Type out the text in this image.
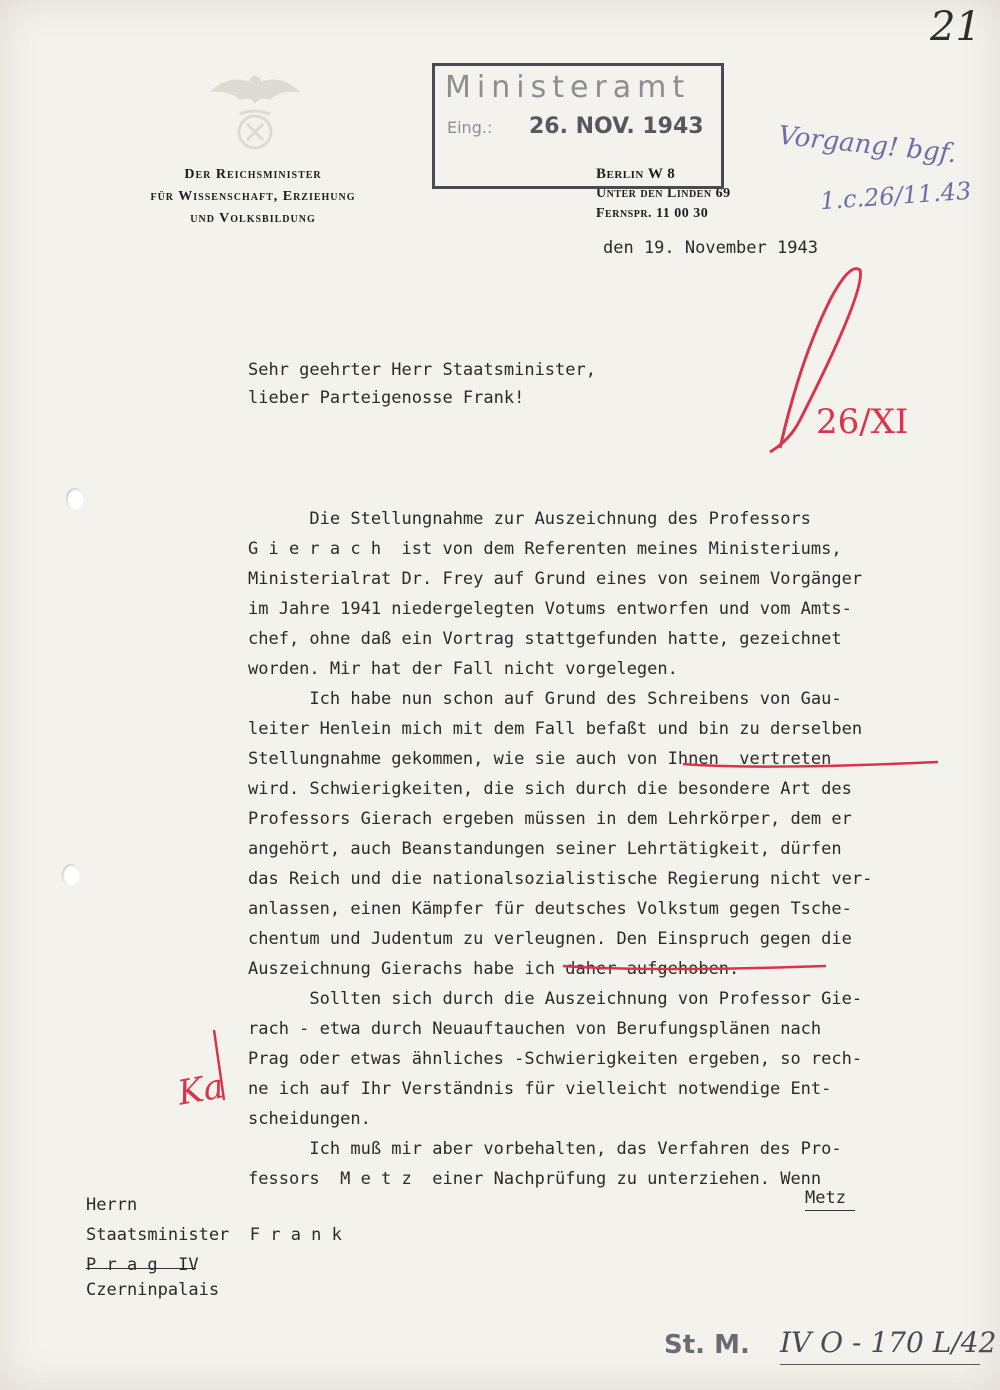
Der Reichsminister
für Wissenschaft, Erziehung
und Volksbildung
Berlin W 8
Unter den Linden 69
Fernspr. 11 00 30
Ministeramt
Eing.: 26. NOV. 1943
den 19. November 1943
Sehr geehrter Herr Staatsminister,
lieber Parteigenosse Frank!
Die Stellungnahme zur Auszeichnung des Professors
G i e r a c h  ist von dem Referenten meines Ministeriums,
Ministerialrat Dr. Frey auf Grund eines von seinem Vorgänger
im Jahre 1941 niedergelegten Votums entworfen und vom Amts-
chef, ohne daß ein Vortrag stattgefunden hatte, gezeichnet
worden. Mir hat der Fall nicht vorgelegen.
Ich habe nun schon auf Grund des Schreibens von Gau-
leiter Henlein mich mit dem Fall befaßt und bin zu derselben
Stellungnahme gekommen, wie sie auch von Ihnen  vertreten
wird. Schwierigkeiten, die sich durch die besondere Art des
Professors Gierach ergeben müssen in dem Lehrkörper, dem er
angehört, auch Beanstandungen seiner Lehrtätigkeit, dürfen
das Reich und die nationalsozialistische Regierung nicht ver-
anlassen, einen Kämpfer für deutsches Volkstum gegen Tsche-
chentum und Judentum zu verleugnen. Den Einspruch gegen die
Auszeichnung Gierachs habe ich daher aufgehoben.
Sollten sich durch die Auszeichnung von Professor Gie-
rach - etwa durch Neuauftauchen von Berufungsplänen nach
Prag oder etwas ähnliches -Schwierigkeiten ergeben, so rech-
ne ich auf Ihr Verständnis für vielleicht notwendige Ent-
scheidungen.
Ich muß mir aber vorbehalten, das Verfahren des Pro-
fessors  M e t z  einer Nachprüfung zu unterziehen. Wenn
Herrn
Staatsminister  F r a n k
P r a g  IV
Czerninpalais
Metz
21
Vorgang! bgf.
1.c.26/11.43
26/XI
Ka
St. M. IV O - 170 L/42
